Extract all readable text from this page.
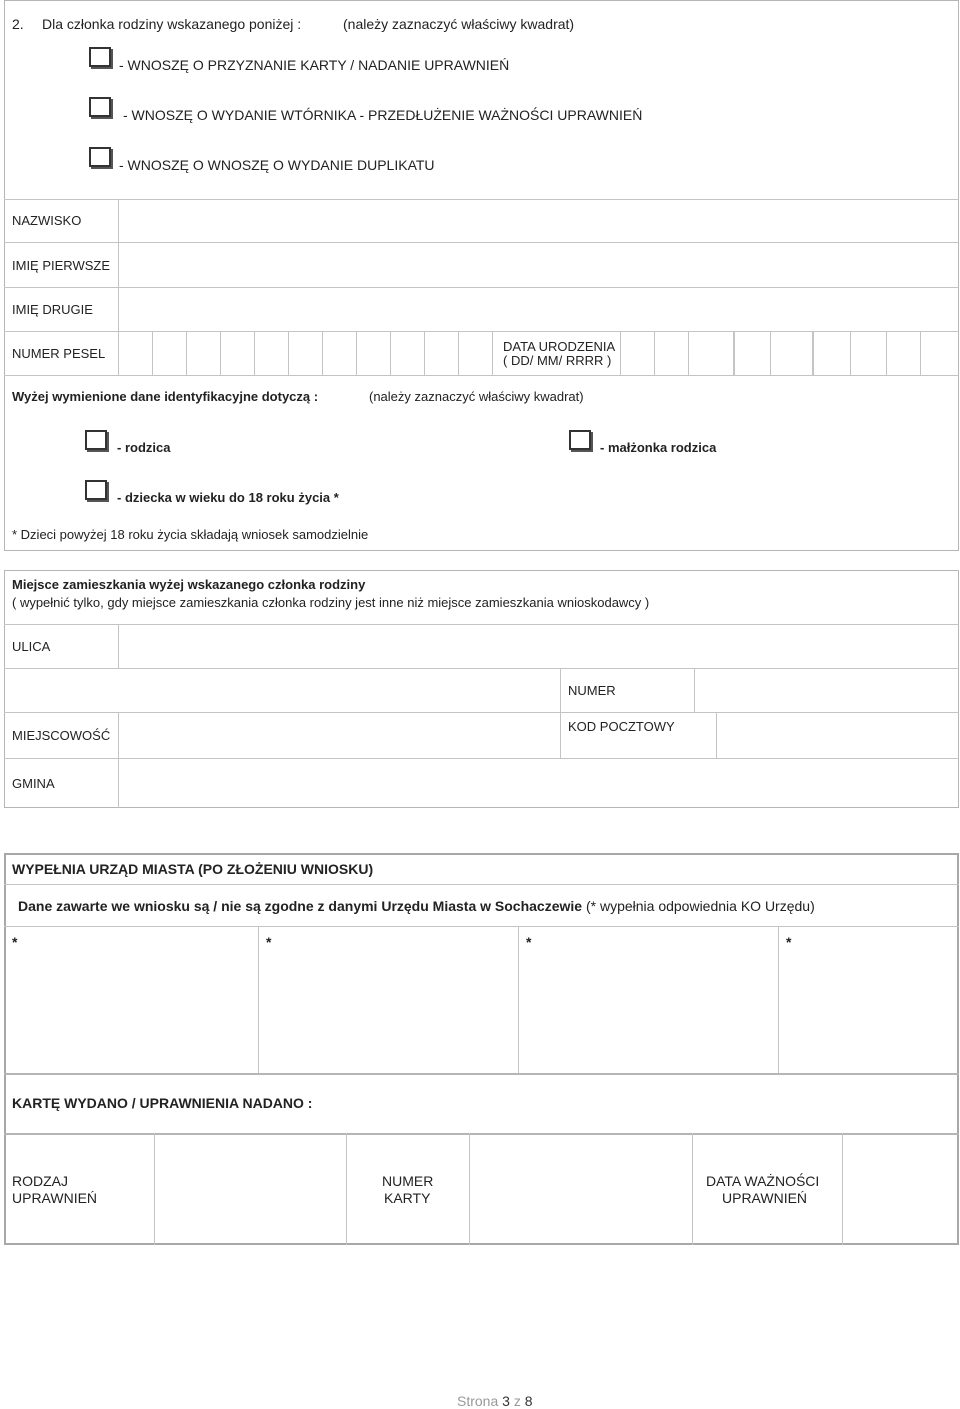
2. Dla członka rodziny wskazanego poniżej :	(należy zaznaczyć właściwy kwadrat)
- WNOSZĘ O PRZYZNANIE KARTY / NADANIE UPRAWNIEŃ
- WNOSZĘ O WYDANIE WTÓRNIKA - PRZEDŁUŻENIE WAŻNOŚCI UPRAWNIEŃ
- WNOSZĘ O WNOSZĘ O WYDANIE DUPLIKATU
NAZWISKO
IMIĘ PIERWSZE
IMIĘ DRUGIE
NUMER PESEL	DATA URODZENIA
( DD/ MM/ RRRR )
Wyżej wymienione dane identyfikacyjne dotyczą :	(należy zaznaczyć właściwy kwadrat)
- rodzica	- małżonka rodzica
- dziecka w wieku do 18 roku życia *
* Dzieci powyżej 18 roku życia składają wniosek samodzielnie
Miejsce zamieszkania wyżej wskazanego członka rodziny
( wypełnić tylko, gdy miejsce zamieszkania członka rodziny jest inne niż miejsce zamieszkania wnioskodawcy )
ULICA
NUMER
MIEJSCOWOŚĆ
KOD POCZTOWY
GMINA
WYPEŁNIA URZĄD MIASTA (PO ZŁOŻENIU WNIOSKU)
Dane zawarte we wniosku są / nie są zgodne z danymi Urzędu Miasta w Sochaczewie (* wypełnia odpowiednia KO Urzędu)
*	*	*	*
KARTĘ WYDANO / UPRAWNIENIA NADANO :
RODZAJ
UPRAWNIEŃ
NUMER
KARTY
DATA WAŻNOŚCI
UPRAWNIEŃ
Strona 3 z 8
